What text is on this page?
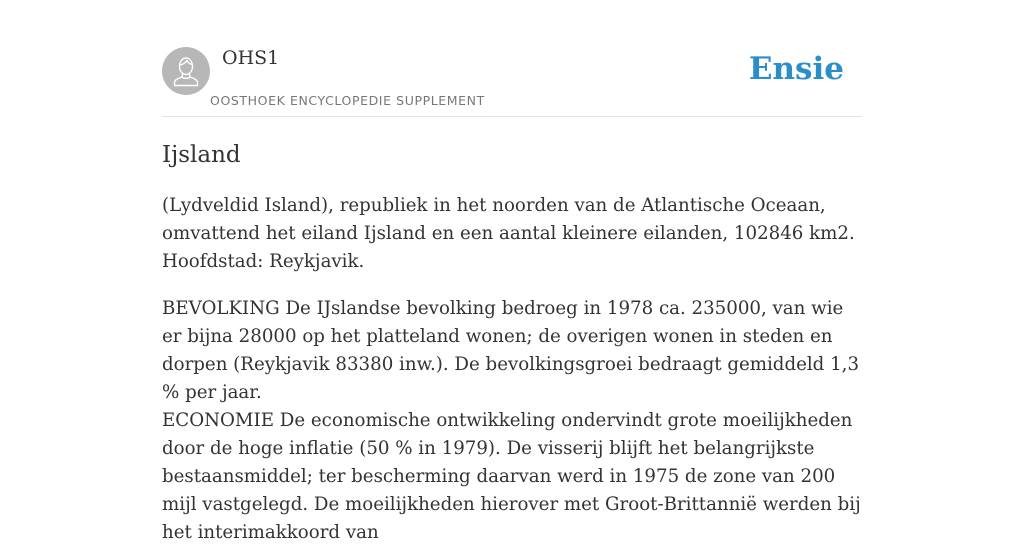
OHS1
OOSTHOEK ENCYCLOPEDIE SUPPLEMENT
Ensie
Ijsland

(Lydveldid Island), republiek in het noorden van de Atlantische Oceaan, omvattend het eiland Ijsland en een aantal kleinere eilanden, 102846 km2. Hoofdstad: Reykjavik.

BEVOLKING De IJslandse bevolking bedroeg in 1978 ca. 235000, van wie er bijna 28000 op het platteland wonen; de overigen wonen in steden en dorpen (Reykjavik 83380 inw.). De bevolkingsgroei bedraagt gemiddeld 1,3 % per jaar.

ECONOMIE De economische ontwikkeling ondervindt grote moeilijkheden door de hoge inflatie (50 % in 1979). De visserij blijft het belangrijkste bestaansmiddel; ter bescherming daarvan werd in 1975 de zone van 200 mijl vastgelegd. De moeilijkheden hierover met Groot-Brittannië werden bij het interimakkoord van
